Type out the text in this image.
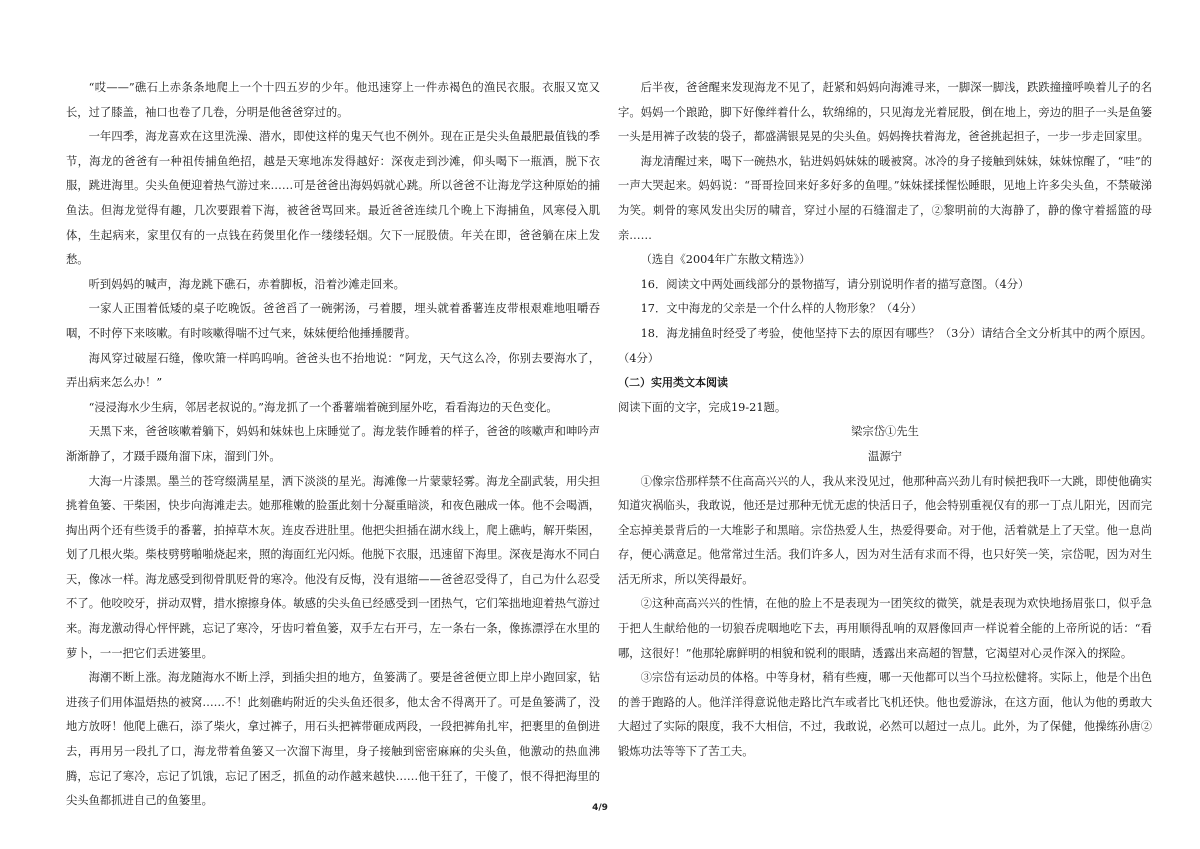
“哎——”礁石上赤条条地爬上一个十四五岁的少年。他迅速穿上一件赤褐色的渔民衣服。衣服又宽又长，过了膝盖，袖口也卷了几卷，分明是他爸爸穿过的。

一年四季，海龙喜欢在这里洗澡、潜水，即使这样的鬼天气也不例外。现在正是尖头鱼最肥最值钱的季节，海龙的爸爸有一种祖传捕鱼绝招，越是天寒地冻发得越好：深夜走到沙滩，仰头喝下一瓶酒，脱下衣服，跳进海里。尖头鱼便迎着热气游过来……可是爸爸出海妈妈就心跳。所以爸爸不让海龙学这种原始的捕鱼法。但海龙觉得有趣，几次要跟着下海，被爸爸骂回来。最近爸爸连续几个晚上下海捕鱼，风寒侵入肌体，生起病来，家里仅有的一点钱在药煲里化作一缕缕轻烟。欠下一屁股债。年关在即，爸爸躺在床上发愁。

听到妈妈的喊声，海龙跳下礁石，赤着脚板，沿着沙滩走回来。

一家人正围着低矮的桌子吃晚饭。爸爸舀了一碗粥汤，弓着腰，埋头就着番薯连皮带根艰难地咀嚼吞咽，不时停下来咳嗽。有时咳嗽得喘不过气来，妹妹便给他捶捶腰背。

海风穿过破屋石缝，像吹箫一样呜呜响。爸爸头也不抬地说：“阿龙，天气这么冷，你别去要海水了，弄出病来怎么办！”

“浸浸海水少生病，邻居老叔说的。”海龙抓了一个番薯端着碗到屋外吃，看看海边的天色变化。

天黑下来，爸爸咳嗽着躺下，妈妈和妹妹也上床睡觉了。海龙装作睡着的样子，爸爸的咳嗽声和呻吟声渐渐静了，才蹑手蹑角溜下床，溜到门外。

大海一片漆黑。墨兰的苍穹缀满星星，洒下淡淡的星光。海滩像一片蒙蒙轻雾。海龙全副武装，用尖担挑着鱼篓、干柴困，快步向海滩走去。她那稚嫩的脸蛋此刻十分凝重暗淡，和夜色融成一体。他不会喝酒，掏出两个还有些烫手的番薯，拍掉草木灰。连皮吞进肚里。他把尖担插在湖水线上，爬上礁屿，解开柴困，划了几根火柴。柴枝劈劈啪啪烧起来，照的海面红光闪烁。他脱下衣服，迅速留下海里。深夜是海水不同白天，像冰一样。海龙感受到彻骨肌贬骨的寒冷。他没有反悔，没有退缩——爸爸忍受得了，自己为什么忍受不了。他咬咬牙，拼动双臂，措水擦擦身体。敏感的尖头鱼已经感受到一团热气，它们笨拙地迎着热气游过来。海龙激动得心怦怦跳，忘记了寒冷，牙齿叼着鱼篓，双手左右开弓，左一条右一条，像拣漂浮在水里的萝卜，一一把它们丢进篓里。

海潮不断上涨。海龙随海水不断上浮，到插尖担的地方，鱼篓满了。要是爸爸便立即上岸小跑回家，钻进孩子们用体温焐热的被窝……不！此刻礁屿附近的尖头鱼还很多，他太舍不得离开了。可是鱼篓满了，没地方放呀！他爬上礁石，添了柴火，拿过裤子，用石头把裤带砸成两段，一段把裤角扎牢，把裹里的鱼倒进去，再用另一段扎了口，海龙带着鱼篓又一次溜下海里，身子接触到密密麻麻的尖头鱼，他激动的热血沸腾，忘记了寒冷，忘记了饥饿，忘记了困乏，抓鱼的动作越来越快……他干狂了，干傻了，恨不得把海里的尖头鱼都抓进自己的鱼篓里。

后半夜，爸爸醒来发现海龙不见了，赶紧和妈妈向海滩寻来，一脚深一脚浅，跌跌撞撞呼唤着儿子的名字。妈妈一个踉跄，脚下好像绊着什么，软绵绵的，只见海龙光着屁股，倒在地上，旁边的胆子一头是鱼篓一头是用裤子改装的袋子，都盛满银晃晃的尖头鱼。妈妈搀扶着海龙，爸爸挑起担子，一步一步走回家里。

海龙清醒过来，喝下一碗热水，钻进妈妈妹妹的暖被窝。冰冷的身子接触到妹妹，妹妹惊醒了，“哇”的一声大哭起来。妈妈说：“哥哥捡回来好多好多的鱼哩。”妹妹揉揉惺忪睡眼，见地上许多尖头鱼，不禁破涕为笑。刺骨的寒风发出尖厉的啸音，穿过小屋的石缝溜走了，②黎明前的大海静了，静的像守着摇篮的母亲……

（选自《2004年广东散文精选》）

16．阅读文中两处画线部分的景物描写，请分别说明作者的描写意图。（4分）

17．文中海龙的父亲是一个什么样的人物形象？（4分）

18．海龙捕鱼时经受了考验，使他坚持下去的原因有哪些？（3分）请结合全文分析其中的两个原因。（4分）

（二）实用类文本阅读

阅读下面的文字，完成19-21题。

梁宗岱①先生

温源宁

①像宗岱那样禁不住高高兴兴的人，我从来没见过，他那种高兴劲儿有时候把我吓一大跳，即使他确实知道灾祸临头，我敢说，他还是过那种无忧无虑的快活日子，他会特别重视仅有的那一丁点儿阳光，因而完全忘掉美景背后的一大堆影子和黑暗。宗岱热爱人生，热爱得要命。对于他，活着就是上了天堂。他一息尚存，便心满意足。他常常过生活。我们许多人，因为对生活有求而不得，也只好笑一笑，宗岱呢，因为对生活无所求，所以笑得最好。

②这种高高兴兴的性情，在他的脸上不是表现为一团笑纹的微笑，就是表现为欢快地扬眉张口，似乎急于把人生献给他的一切狼吞虎咽地吃下去，再用顺得乱响的双唇像回声一样说着全能的上帝所说的话：“看哪，这很好！”他那轮廓鲜明的相貌和锐利的眼睛，透露出来高超的智慧，它渴望对心灵作深入的探险。

③宗岱有运动员的体格。中等身材，稍有些瘦，哪一天他都可以当个马拉松健将。实际上，他是个出色的善于跑路的人。他洋洋得意说他走路比汽车或者比飞机还快。他也爱游泳，在这方面，他认为他的勇敢大大超过了实际的限度，我不大相信，不过，我敢说，必然可以超过一点儿。此外，为了保健，他操练孙唐②锻炼功法等等下了苦工夫。

4/9
